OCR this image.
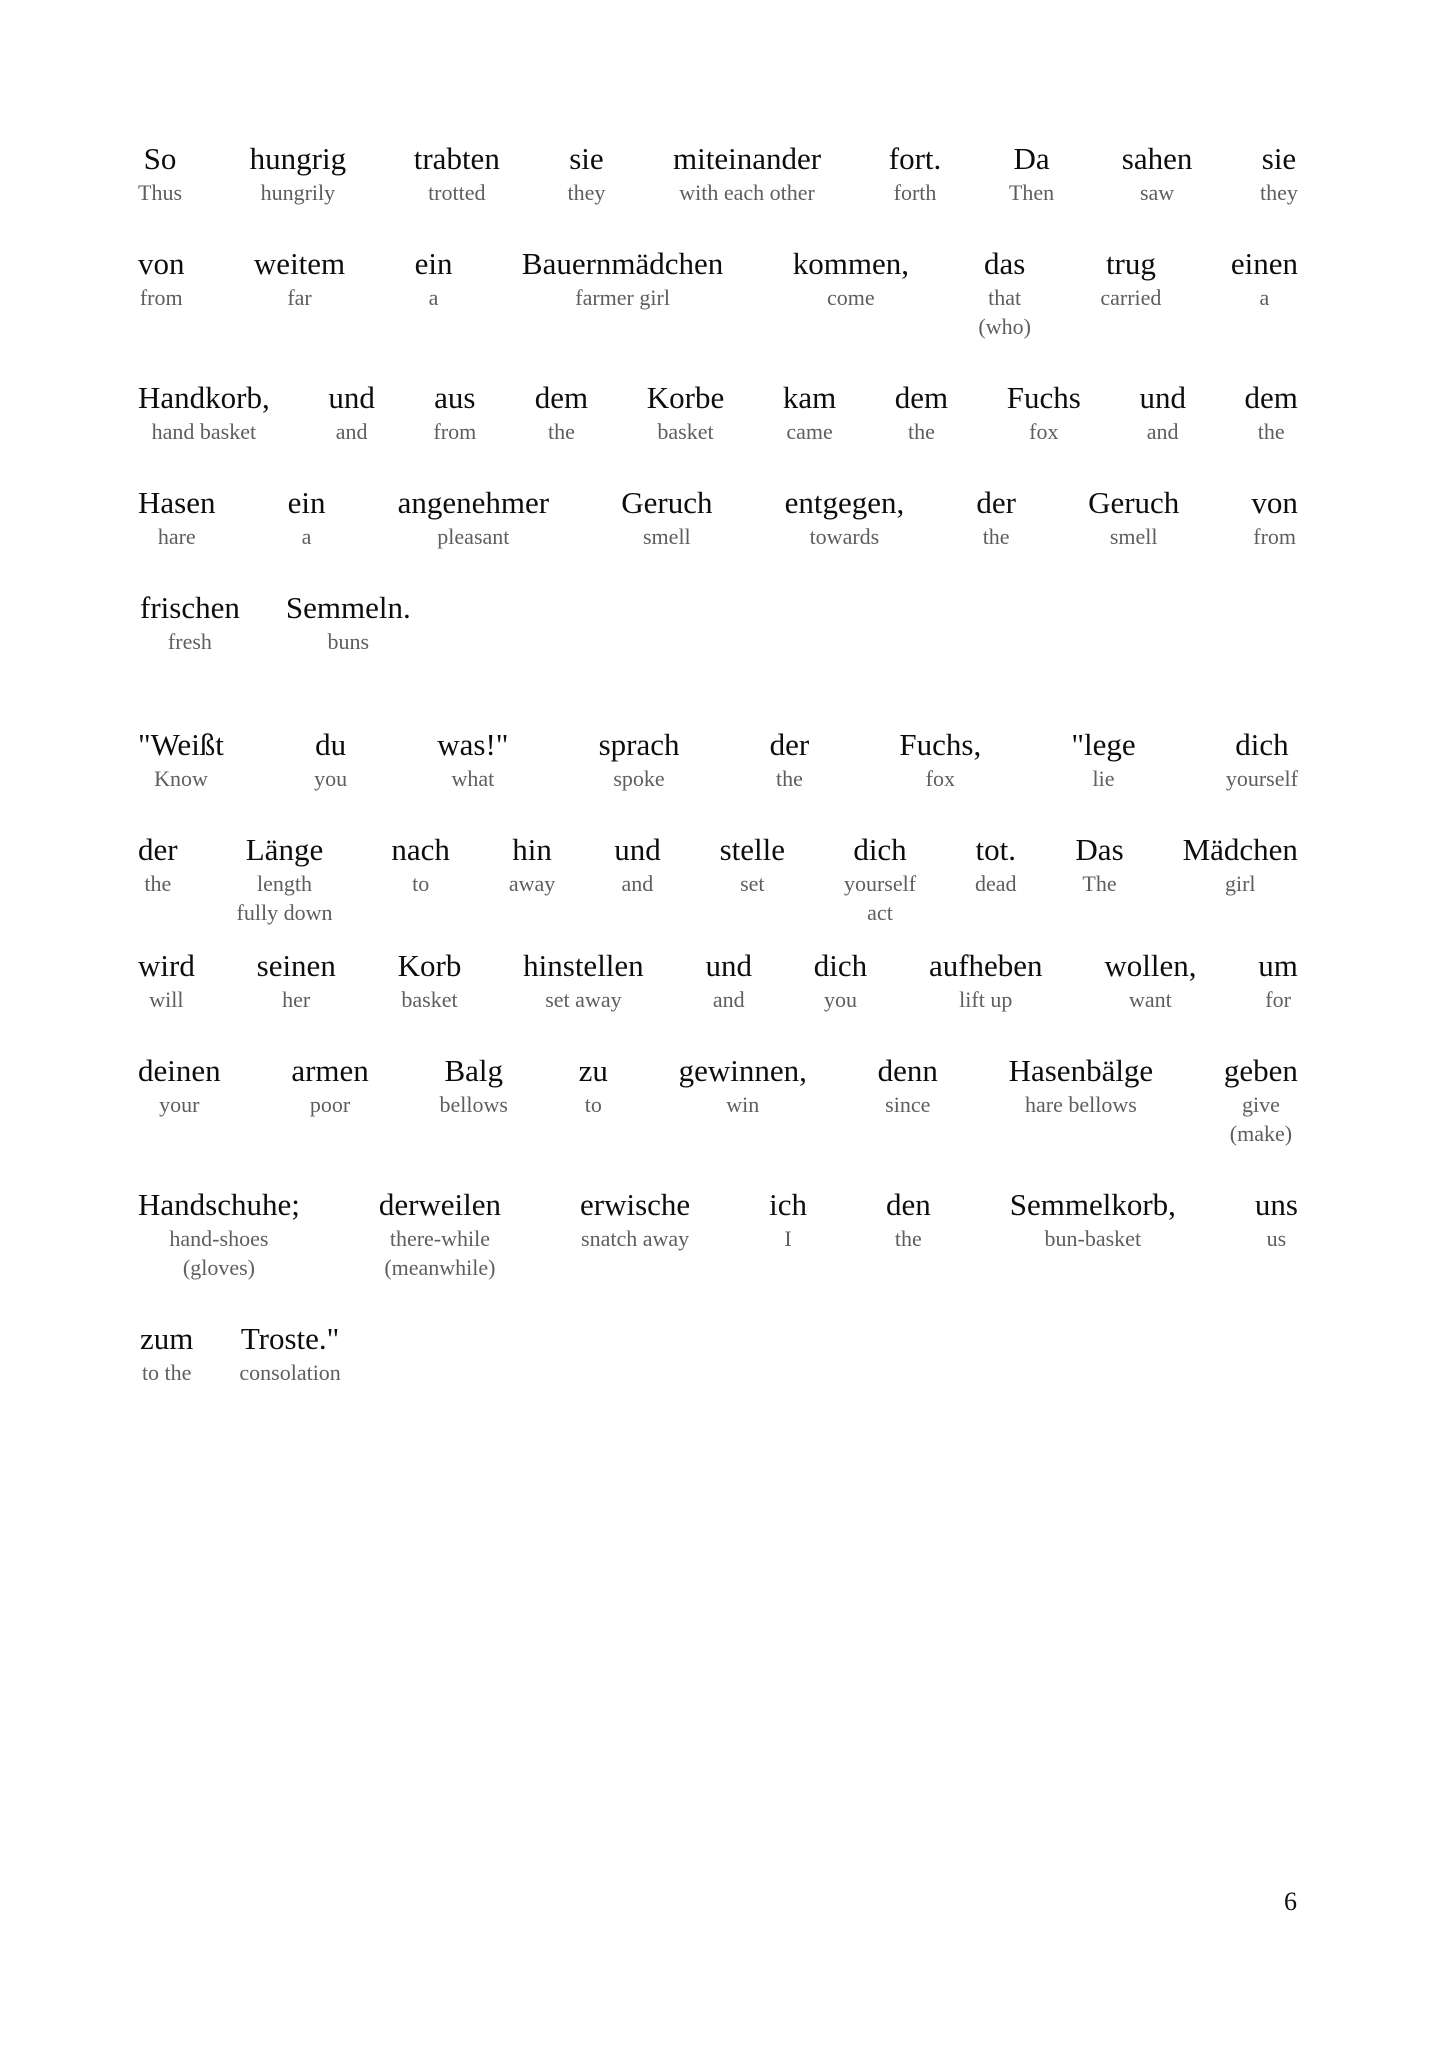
So
Thus
hungrig
hungrily
trabten
trotted
sie
they
miteinander
with each other
fort.
forth
Da
Then
sahen
saw
sie
they
von
from
weitem
far
ein
a
Bauernmädchen
farmer girl
kommen,
come
das
that
(who)
trug
carried
einen
a
Handkorb,
hand basket
und
and
aus
from
dem
the
Korbe
basket
kam
came
dem
the
Fuchs
fox
und
and
dem
the
Hasen
hare
ein
a
angenehmer
pleasant
Geruch
smell
entgegen,
towards
der
the
Geruch
smell
von
from
frischen
fresh
Semmeln.
buns
"Weißt
Know
du
you
was!"
what
sprach
spoke
der
the
Fuchs,
fox
"lege
lie
dich
yourself
der
the
Länge
length
fully down
nach
to
hin
away
und
and
stelle
set
dich
yourself
act
tot.
dead
Das
The
Mädchen
girl
wird
will
seinen
her
Korb
basket
hinstellen
set away
und
and
dich
you
aufheben
lift up
wollen,
want
um
for
deinen
your
armen
poor
Balg
bellows
zu
to
gewinnen,
win
denn
since
Hasenbälge
hare bellows
geben
give
(make)
Handschuhe;
hand-shoes
(gloves)
derweilen
there-while
(meanwhile)
erwische
snatch away
ich
I
den
the
Semmelkorb,
bun-basket
uns
us
zum
to the
Troste."
consolation
6
